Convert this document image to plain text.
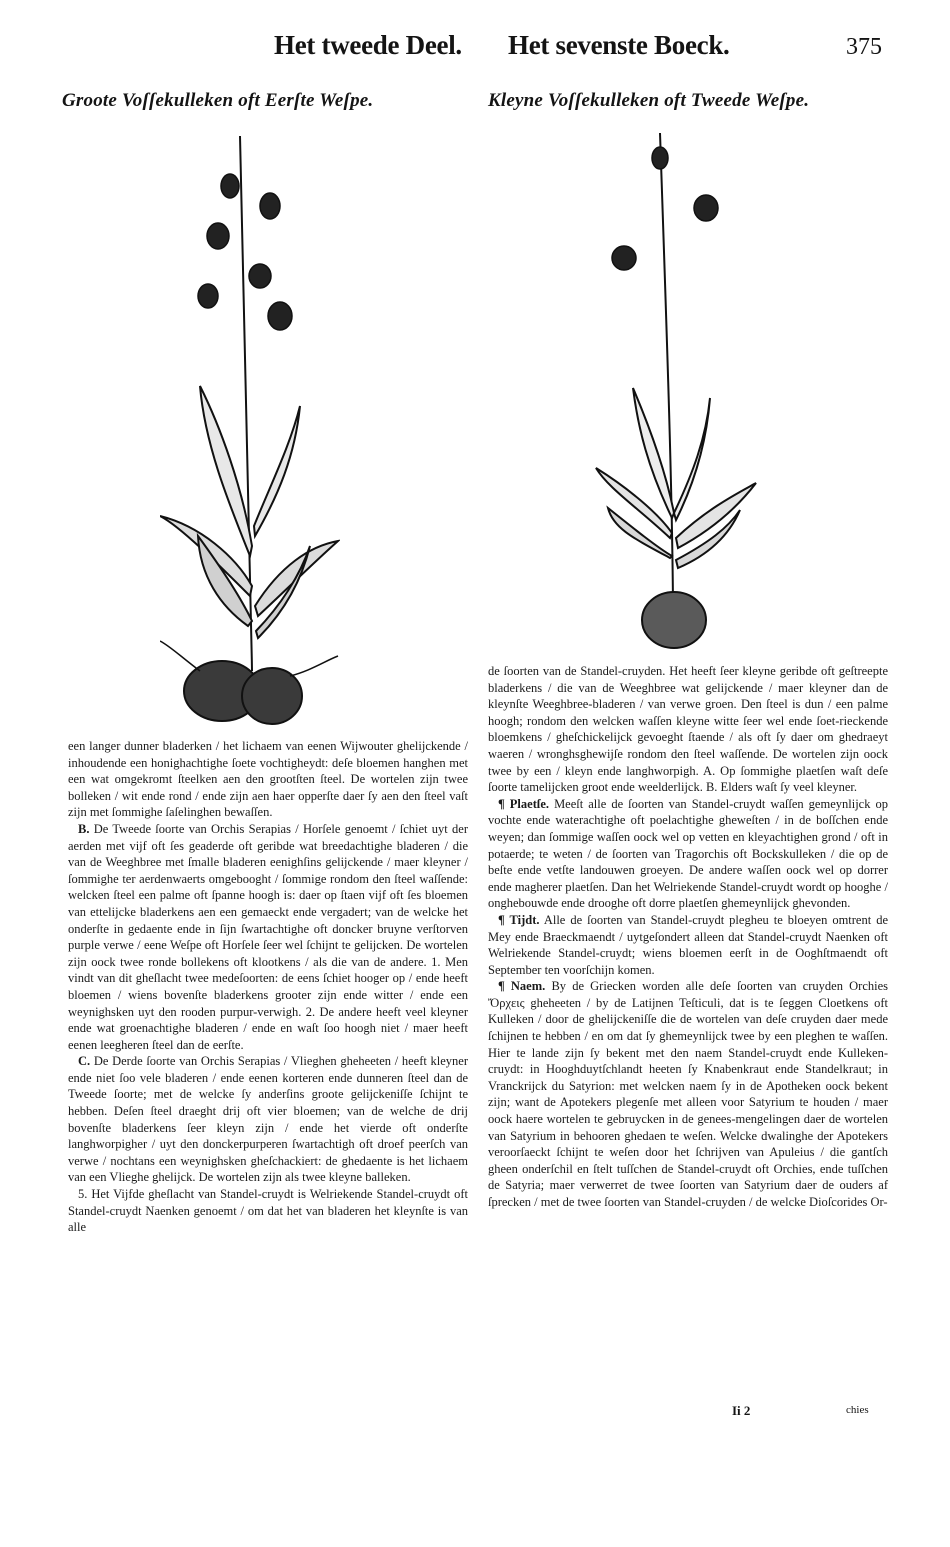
Het tweede Deel. Het sevenste Boeck.	375
Groote Voſſekulleken oft Eerſte Weſpe.	Kleyne Voſſekulleken oft Tweede Weſpe.

een langer dunner bladerken / het lichaem van eenen Wijwouter ghelijckende / inhoudende een honighachtighe ſoete vochtigheydt: deſe bloemen hanghen met een wat omgekromt ſteelken aen den grootſten ſteel. De wortelen zijn twee bolleken / wit ende rond / ende zijn aen haer opperſte daer ſy aen den ſteel vaſt zijn met ſommighe ſaſelinghen bewaſſen.

B. De Tweede ſoorte van Orchis Serapias / Horſele genoemt / ſchiet uyt der aerden met vijf oft ſes geaderde oft geribde wat breedachtighe bladeren / die van de Weeghbree met ſmalle bladeren eenighſins gelijckende / maer kleyner / ſommighe ter aerdenwaerts omgebooght / ſommige rondom den ſteel waſſende: welcken ſteel een palme oft ſpanne hoogh is: daer op ſtaen vijf oft ſes bloemen van ettelijcke bladerkens aen een gemaeckt ende vergadert; van de welcke het onderſte in gedaente ende in ſijn ſwartachtighe oft doncker bruyne verſtorven purple verwe / eene Weſpe oft Horſele ſeer wel ſchijnt te gelijcken. De wortelen zijn oock twee ronde bollekens oft klootkens / als die van de andere. 1. Men vindt van dit gheſlacht twee medeſoorten: de eens ſchiet hooger op / ende heeft bloemen / wiens bovenſte bladerkens grooter zijn ende witter / ende een weynighsken uyt den rooden purpur-verwigh. 2. De andere heeft veel kleyner ende wat groenachtighe bladeren / ende en waſt ſoo hoogh niet / maer heeft eenen leegheren ſteel dan de eerſte.

C. De Derde ſoorte van Orchis Serapias / Vlieghen gheheeten / heeft kleyner ende niet ſoo vele bladeren / ende eenen korteren ende dunneren ſteel dan de Tweede ſoorte; met de welcke ſy anderſins groote gelijckeniſſe ſchijnt te hebben. Deſen ſteel draeght drij oft vier bloemen; van de welche de drij bovenſte bladerkens ſeer kleyn zijn / ende het vierde oft onderſte langhworpigher / uyt den donckerpurperen ſwartachtigh oft droef peerſch van verwe / nochtans een weynighsken gheſchackiert: de ghedaente is het lichaem van een Vlieghe ghelijck. De wortelen zijn als twee kleyne balleken.

5. Het Vijfde gheſlacht van Standel-cruydt is Welriekende Standel-cruydt oft Standel-cruydt Naenken genoemt / om dat het van bladeren het kleynſte is van alle

de ſoorten van de Standel-cruyden. Het heeft ſeer kleyne geribde oft geſtreepte bladerkens / die van de Weeghbree wat gelijckende / maer kleyner dan de kleynſte Weeghbree-bladeren / van verwe groen. Den ſteel is dun / een palme hoogh; rondom den welcken waſſen kleyne witte ſeer wel ende ſoet-rieckende bloemkens / gheſchickelijck gevoeght ſtaende / als oft ſy daer om ghedraeyt waeren / wronghsghewijſe rondom den ſteel waſſende. De wortelen zijn oock twee by een / kleyn ende langhworpigh. A. Op ſommighe plaetſen waſt deſe ſoorte tamelijcken groot ende weelderlijck. B. Elders waſt ſy veel kleyner.

¶ Plaetſe. Meeſt alle de ſoorten van Standel-cruydt waſſen gemeynlijck op vochte ende waterachtighe oft poelachtighe gheweſten / in de boſſchen ende weyen; dan ſommige waſſen oock wel op vetten en kleyachtighen grond / oft in potaerde; te weten / de ſoorten van Tragorchis oft Bockskulleken / die op de beſte ende vetſte landouwen groeyen. De andere waſſen oock wel op dorrer ende magherer plaetſen. Dan het Welriekende Standel-cruydt wordt op hooghe / onghebouwde ende drooghe oft dorre plaetſen ghemeynlijck ghevonden.

¶ Tijdt. Alle de ſoorten van Standel-cruydt plegheu te bloeyen omtrent de Mey ende Braeckmaendt / uytgeſondert alleen dat Standel-cruydt Naenken oft Welriekende Standel-cruydt; wiens bloemen eerſt in de Ooghſtmaendt oft September ten voorſchijn komen.

¶ Naem. By de Griecken worden alle deſe ſoorten van cruyden Orchies Ὄρχεις gheheeten / by de Latijnen Teſticuli, dat is te ſeggen Cloetkens oft Kulleken / door de ghelijckeniſſe die de wortelen van deſe cruyden daer mede ſchijnen te hebben / en om dat ſy ghemeynlijck twee by een pleghen te waſſen. Hier te lande zijn ſy bekent met den naem Standel-cruydt ende Kulleken-cruydt: in Hooghduytſchlandt heeten ſy Knabenkraut ende Standelkraut; in Vranckrijck du Satyrion: met welcken naem ſy in de Apotheken oock bekent zijn; want de Apotekers plegenſe met alleen voor Satyrium te houden / maer oock haere wortelen te gebruycken in de genees-mengelingen daer de wortelen van Satyrium in behooren ghedaen te weſen. Welcke dwalinghe der Apotekers veroorſaeckt ſchijnt te weſen door het ſchrijven van Apuleius / die gantſch gheen onderſchil en ſtelt tuſſchen de Standel-cruydt oft Orchies, ende tuſſchen de Satyria; maer verwerret de twee ſoorten van Satyrium daer de ouders af ſprecken / met de twee ſoorten van Standel-cruyden / de welcke Dioſcorides Or-

Ii 2	chies
